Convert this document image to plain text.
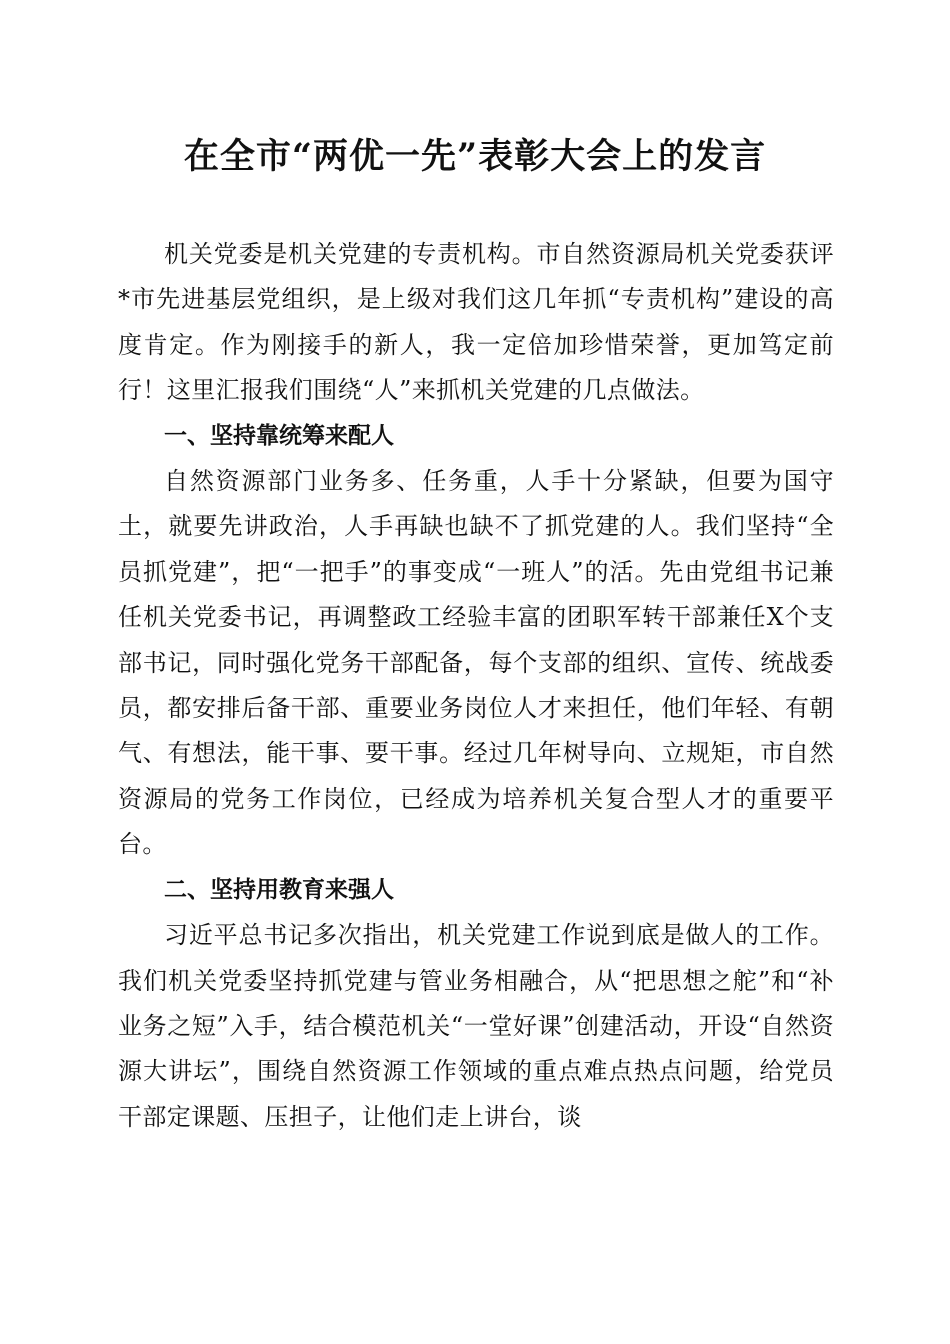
在全市“两优一先”表彰大会上的发言

机关党委是机关党建的专责机构。市自然资源局机关党委获评*市先进基层党组织，是上级对我们这几年抓“专责机构”建设的高度肯定。作为刚接手的新人，我一定倍加珍惜荣誉，更加笃定前行！这里汇报我们围绕“人”来抓机关党建的几点做法。

一、坚持靠统筹来配人

自然资源部门业务多、任务重，人手十分紧缺，但要为国守土，就要先讲政治，人手再缺也缺不了抓党建的人。我们坚持“全员抓党建”，把“一把手”的事变成“一班人”的活。先由党组书记兼任机关党委书记，再调整政工经验丰富的团职军转干部兼任X个支部书记，同时强化党务干部配备，每个支部的组织、宣传、统战委员，都安排后备干部、重要业务岗位人才来担任，他们年轻、有朝气、有想法，能干事、要干事。经过几年树导向、立规矩，市自然资源局的党务工作岗位，已经成为培养机关复合型人才的重要平台。

二、坚持用教育来强人

习近平总书记多次指出，机关党建工作说到底是做人的工作。我们机关党委坚持抓党建与管业务相融合，从“把思想之舵”和“补业务之短”入手，结合模范机关“一堂好课”创建活动，开设“自然资源大讲坛”，围绕自然资源工作领域的重点难点热点问题，给党员干部定课题、压担子，让他们走上讲台，谈
